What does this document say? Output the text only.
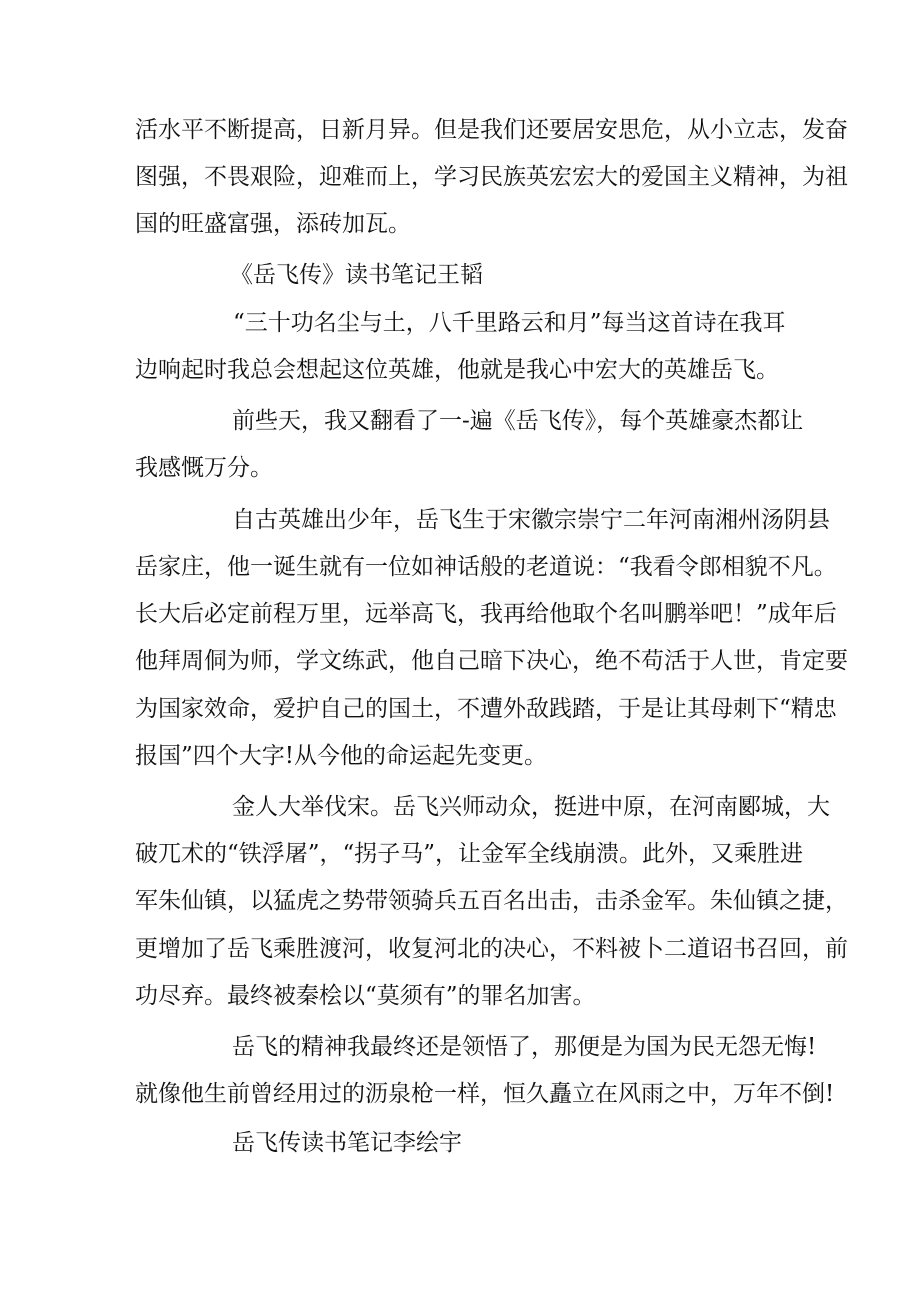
活水平不断提高，日新月异。但是我们还要居安思危，从小立志，发奋
图强，不畏艰险，迎难而上，学习民族英宏宏大的爱国主义精神，为祖
国的旺盛富强，添砖加瓦。
《岳飞传》读书笔记王韬
“三十功名尘与土，八千里路云和月”每当这首诗在我耳
边响起时我总会想起这位英雄，他就是我心中宏大的英雄岳飞。
前些天，我又翻看了一-遍《岳飞传》，每个英雄豪杰都让
我感慨万分。
自古英雄出少年，岳飞生于宋徽宗崇宁二年河南湘州汤阴县
岳家庄，他一诞生就有一位如神话般的老道说：“我看令郎相貌不凡。
长大后必定前程万里，远举高飞，我再给他取个名叫鹏举吧！”成年后
他拜周侗为师，学文练武，他自己暗下决心，绝不苟活于人世，肯定要
为国家效命，爱护自己的国土，不遭外敌践踏，于是让其母刺下“精忠
报国”四个大字!从今他的命运起先变更。
金人大举伐宋。岳飞兴师动众，挺进中原，在河南郾城，大
破兀术的“铁浮屠”，“拐子马”，让金军全线崩溃。此外，又乘胜进
军朱仙镇，以猛虎之势带领骑兵五百名出击，击杀金军。朱仙镇之捷，
更增加了岳飞乘胜渡河，收复河北的决心，不料被卜二道诏书召回，前
功尽弃。最终被秦桧以“莫须有”的罪名加害。
岳飞的精神我最终还是领悟了，那便是为国为民无怨无悔!
就像他生前曾经用过的沥泉枪一样，恒久矗立在风雨之中，万年不倒!
岳飞传读书笔记李绘宇
